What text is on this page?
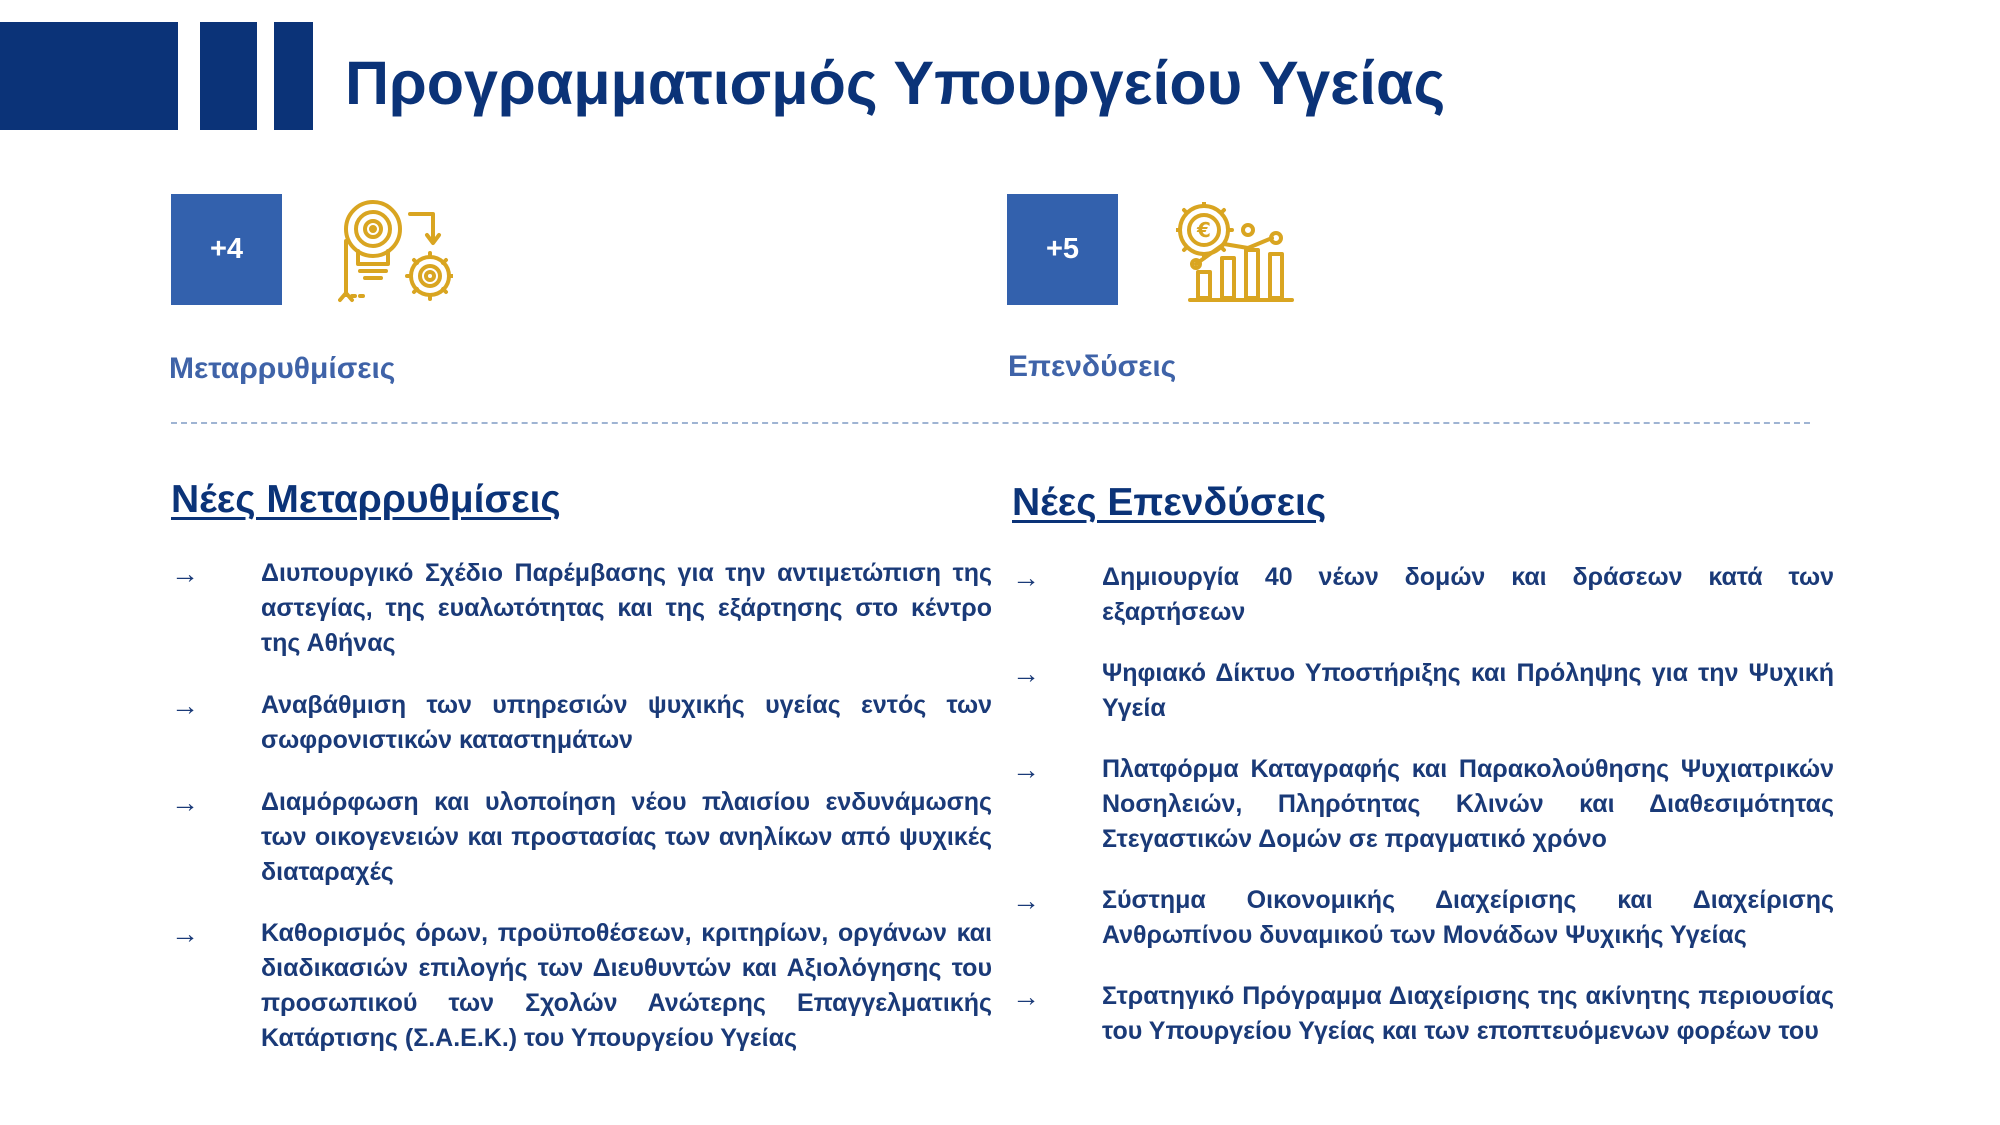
Προγραμματισμός Υπουργείου Υγείας
+4
Μεταρρυθμίσεις
+5
€
Επενδύσεις
Νέες Μεταρρυθμίσεις
→ Διυπουργικό Σχέδιο Παρέμβασης για την αντιμετώπιση της αστεγίας, της ευαλωτότητας και της εξάρτησης στο κέντρο της Αθήνας
→ Αναβάθμιση των υπηρεσιών ψυχικής υγείας εντός των σωφρονιστικών καταστημάτων
→ Διαμόρφωση και υλοποίηση νέου πλαισίου ενδυνάμωσης των οικογενειών και προστασίας των ανηλίκων από ψυχικές διαταραχές
→ Καθορισμός όρων, προϋποθέσεων, κριτηρίων, οργάνων και διαδικασιών επιλογής των Διευθυντών και Αξιολόγησης του προσωπικού των Σχολών Ανώτερης Επαγγελματικής Κατάρτισης (Σ.Α.Ε.Κ.) του Υπουργείου Υγείας
Νέες Επενδύσεις
→ Δημιουργία 40 νέων δομών και δράσεων κατά των εξαρτήσεων
→ Ψηφιακό Δίκτυο Υποστήριξης και Πρόληψης για την Ψυχική Υγεία
→ Πλατφόρμα Καταγραφής και Παρακολούθησης Ψυχιατρικών Νοσηλειών, Πληρότητας Κλινών και Διαθεσιμότητας Στεγαστικών Δομών σε πραγματικό χρόνο
→ Σύστημα Οικονομικής Διαχείρισης και Διαχείρισης Ανθρωπίνου δυναμικού των Μονάδων Ψυχικής Υγείας
→ Στρατηγικό Πρόγραμμα Διαχείρισης της ακίνητης περιουσίας του Υπουργείου Υγείας και των εποπτευόμενων φορέων του
